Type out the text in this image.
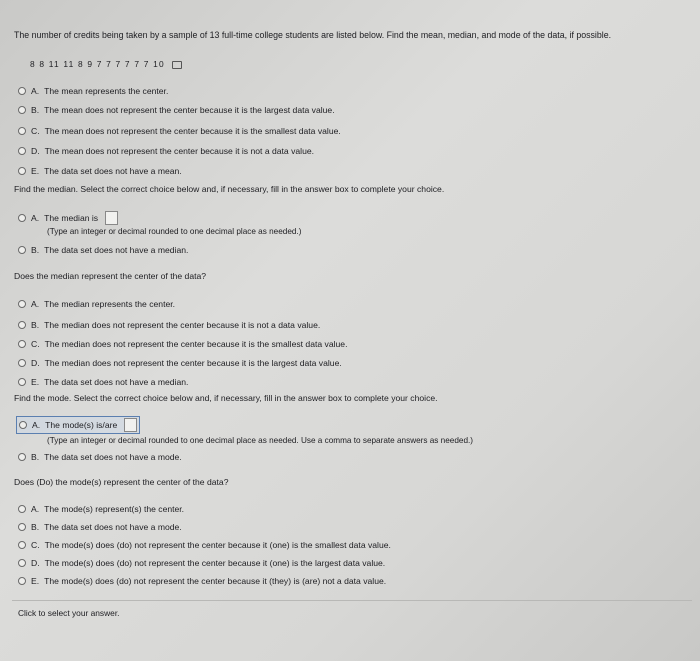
The number of credits being taken by a sample of 13 full-time college students are listed below. Find the mean, median, and mode of the data, if possible.
8 8 11 11 8 9 7 7 7 7 7 7 10
A. The mean represents the center.
B. The mean does not represent the center because it is the largest data value.
C. The mean does not represent the center because it is the smallest data value.
D. The mean does not represent the center because it is not a data value.
E. The data set does not have a mean.
Find the median. Select the correct choice below and, if necessary, fill in the answer box to complete your choice.
A. The median is
(Type an integer or decimal rounded to one decimal place as needed.)
B. The data set does not have a median.
Does the median represent the center of the data?
A. The median represents the center.
B. The median does not represent the center because it is not a data value.
C. The median does not represent the center because it is the smallest data value.
D. The median does not represent the center because it is the largest data value.
E. The data set does not have a median.
Find the mode. Select the correct choice below and, if necessary, fill in the answer box to complete your choice.
A. The mode(s) is/are
(Type an integer or decimal rounded to one decimal place as needed. Use a comma to separate answers as needed.)
B. The data set does not have a mode.
Does (Do) the mode(s) represent the center of the data?
A. The mode(s) represent(s) the center.
B. The data set does not have a mode.
C. The mode(s) does (do) not represent the center because it (one) is the smallest data value.
D. The mode(s) does (do) not represent the center because it (one) is the largest data value.
E. The mode(s) does (do) not represent the center because it (they) is (are) not a data value.
Click to select your answer.
